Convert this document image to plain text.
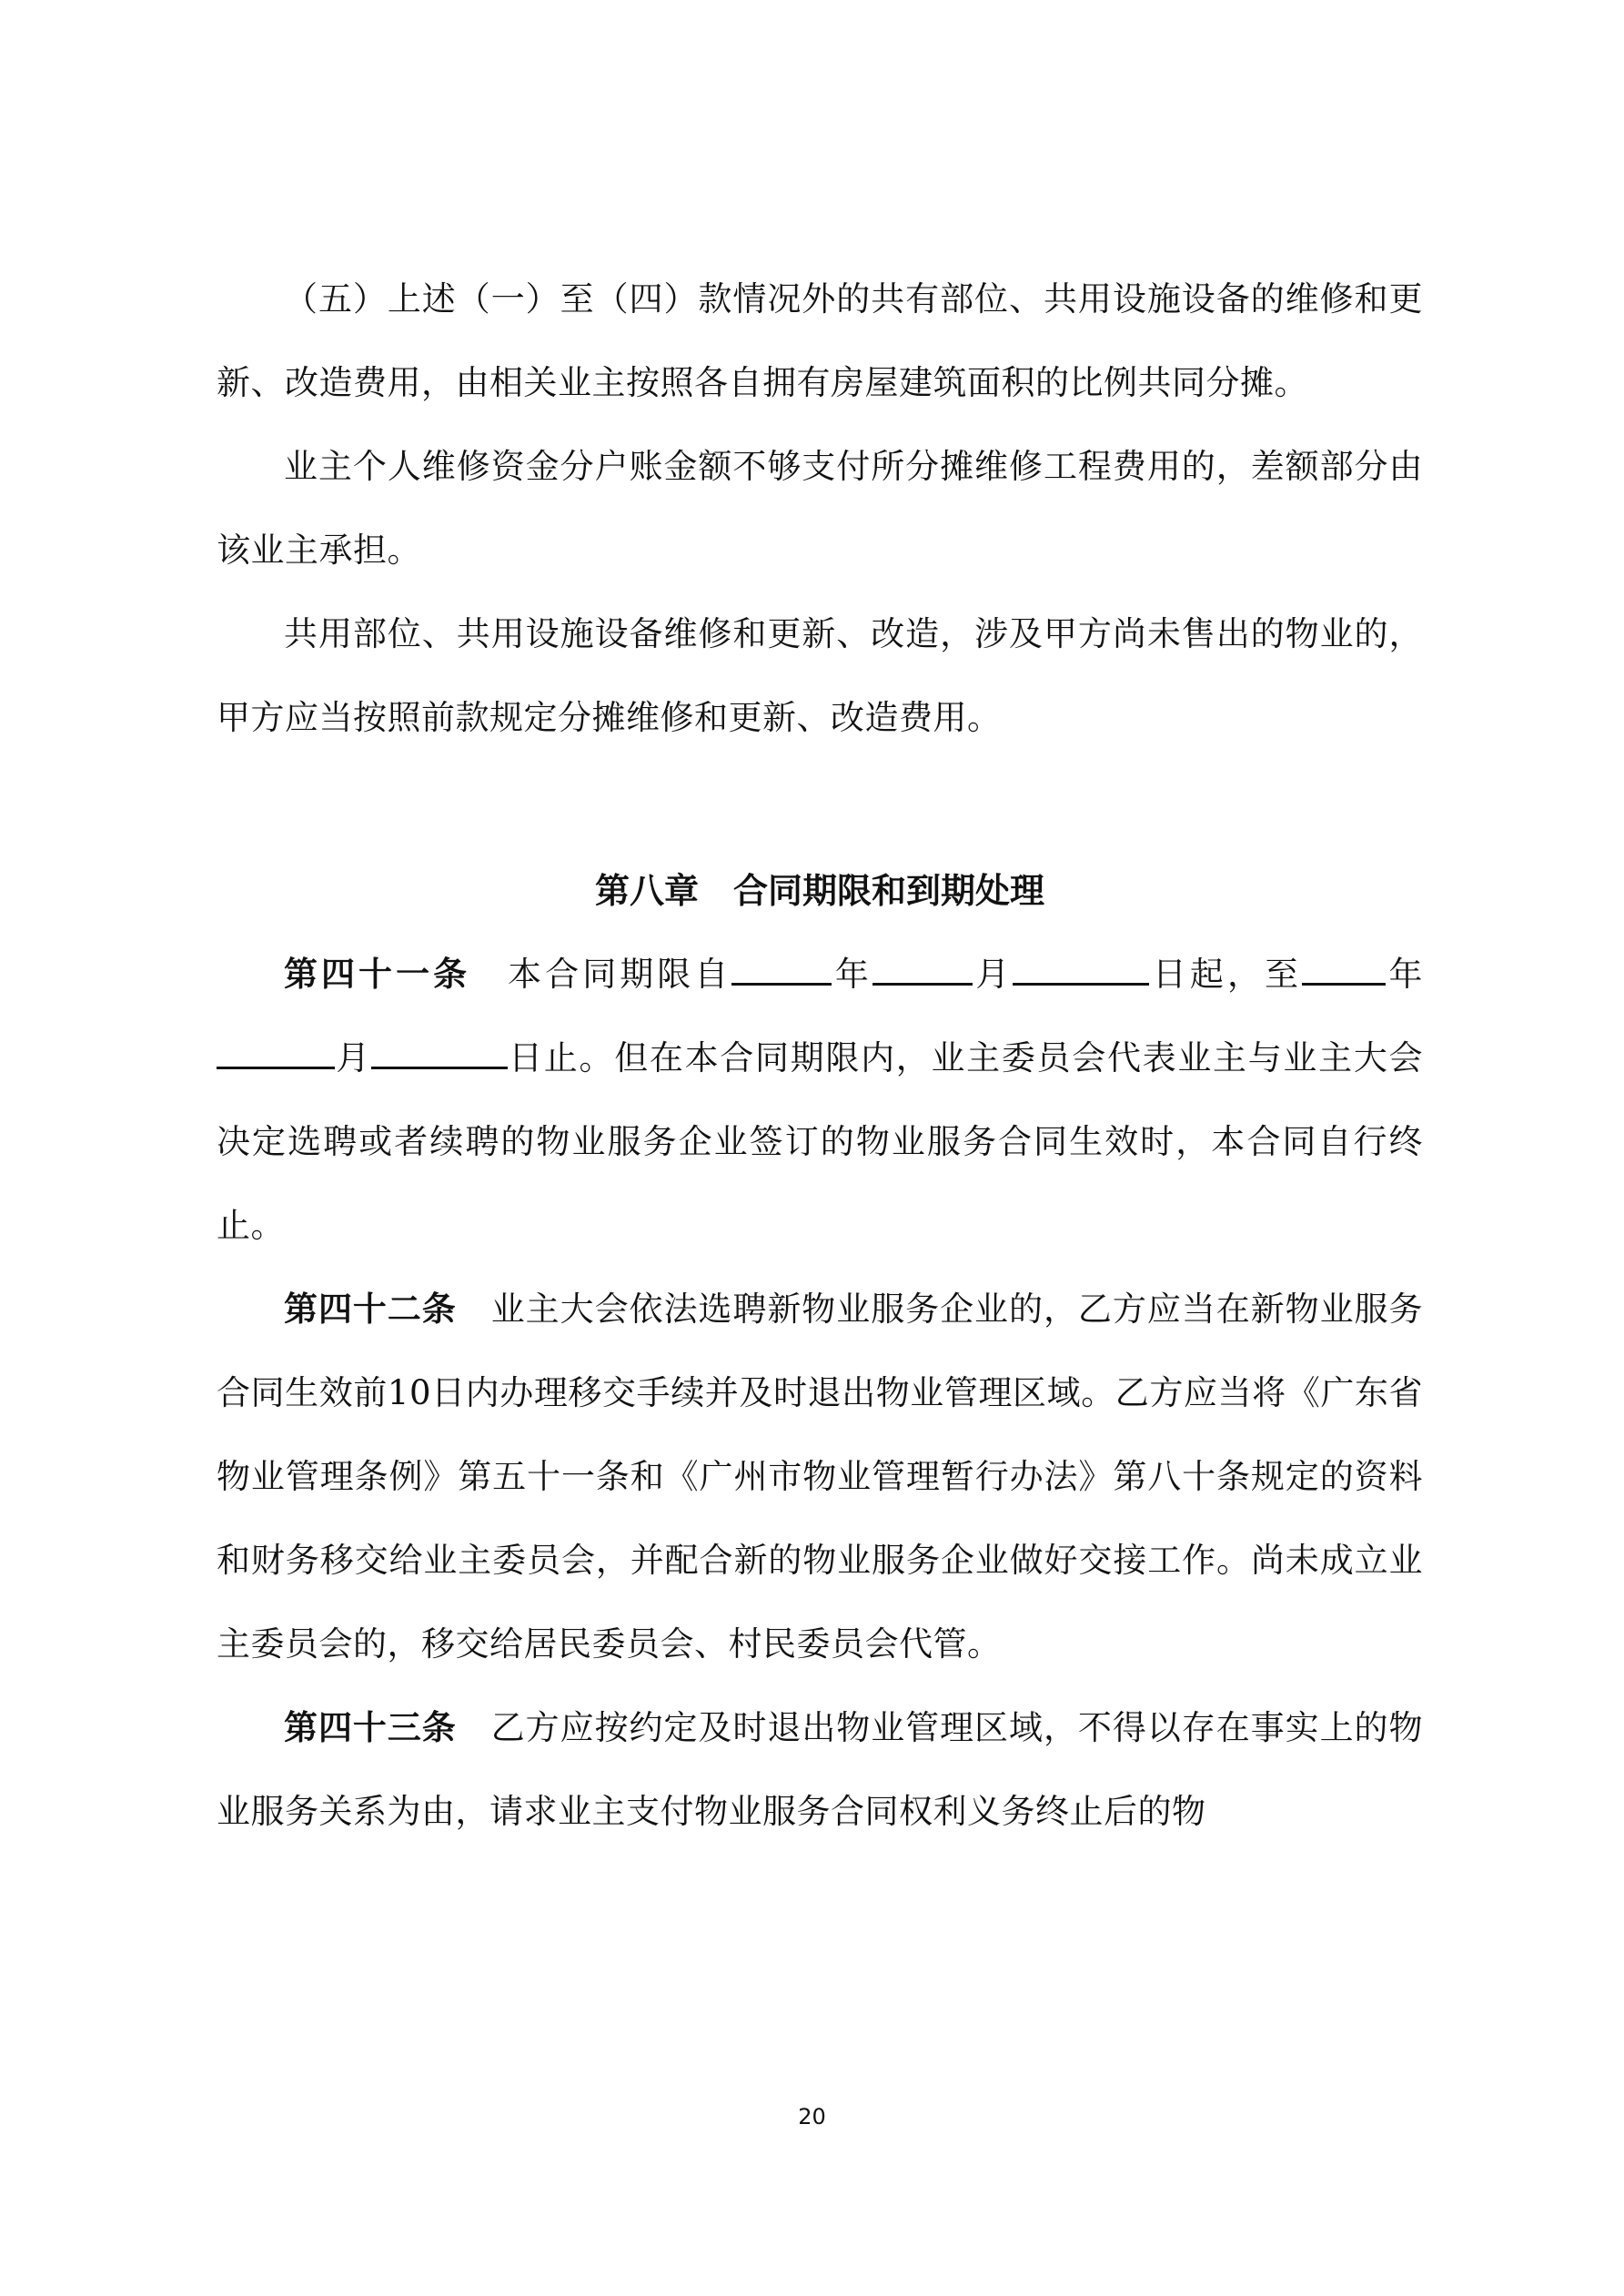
（五）上述（一）至（四）款情况外的共有部位、共用设施设备的维修和更新、改造费用，由相关业主按照各自拥有房屋建筑面积的比例共同分摊。

业主个人维修资金分户账金额不够支付所分摊维修工程费用的，差额部分由该业主承担。

共用部位、共用设施设备维修和更新、改造，涉及甲方尚未售出的物业的，甲方应当按照前款规定分摊维修和更新、改造费用。

第八章　合同期限和到期处理

第四十一条　 本合同期限自	年	月	日起，至 年月	日止。但在本合同期限内，业主委员会代表业主与业主大会决定选聘或者续聘的物业服务企业签订的物业服务合同生效时，本合同自行终止。

第四十二条　 业主大会依法选聘新物业服务企业的，乙方应当在新物业服务合同生效前10日内办理移交手续并及时退出物业管理区域。乙方应当将《广东省物业管理条例》第五十一条和《广州市物业管理暂行办法》第八十条规定的资料和财务移交给业主委员会，并配合新的物业服务企业做好交接工作。尚未成立业主委员会的，移交给居民委员会、村民委员会代管。

第四十三条　 乙方应按约定及时退出物业管理区域，不得以存在事实上的物业服务关系为由，请求业主支付物业服务合同权利义务终止后的物

20
